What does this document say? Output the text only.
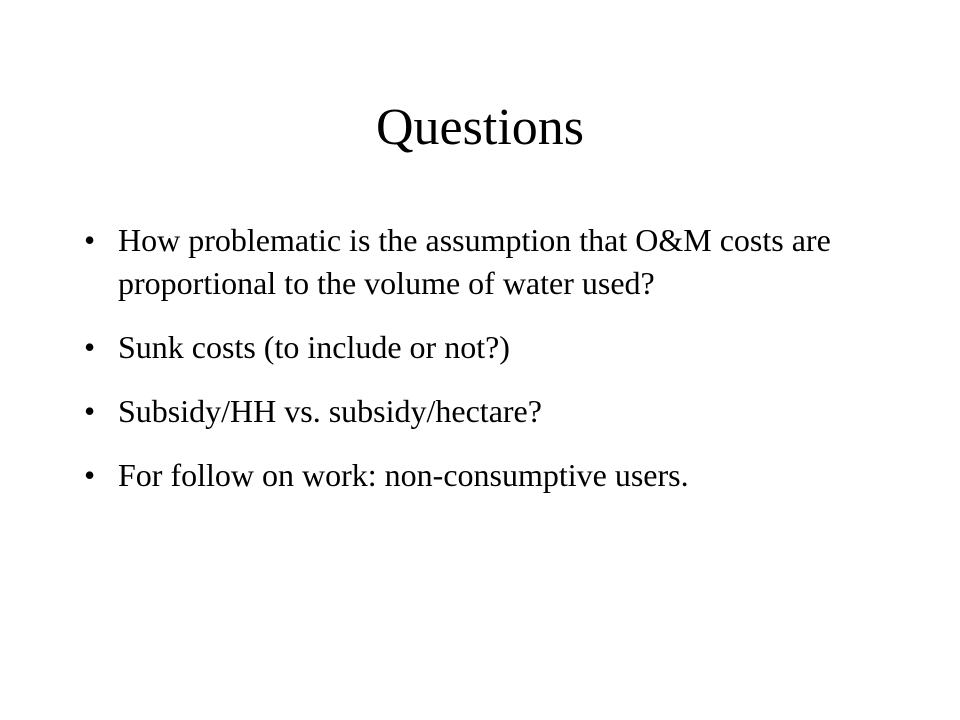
Questions
• How problematic is the assumption that O&M costs are proportional to the volume of water used?
• Sunk costs (to include or not?)
• Subsidy/HH vs. subsidy/hectare?
• For follow on work: non-consumptive users.
